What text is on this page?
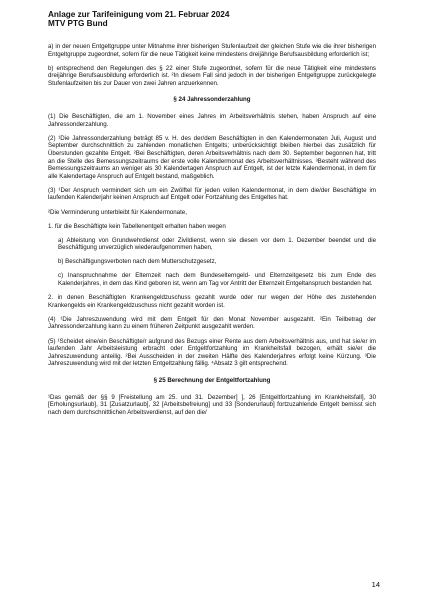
Anlage zur Tarifeinigung vom 21. Februar 2024
MTV PTG Bund

a) in der neuen Entgeltgruppe unter Mitnahme ihrer bisherigen Stufenlaufzeit der gleichen Stufe wie die ihrer bisherigen Entgeltgruppe zugeordnet, sofern für die neue Tätigkeit keine mindestens dreijährige Berufsausbildung erforderlich ist;

b) entsprechend den Regelungen des § 22 einer Stufe zugeordnet, sofern für die neue Tätigkeit eine mindestens dreijährige Berufsausbildung erforderlich ist. ²In diesem Fall sind jedoch in der bisherigen Entgeltgruppe zurückgelegte Stufenlaufzeiten bis zur Dauer von zwei Jahren anzuerkennen.

§ 24 Jahressonderzahlung

(1) Die Beschäftigten, die am 1. November eines Jahres im Arbeitsverhältnis stehen, haben Anspruch auf eine Jahressonderzahlung.

(2) ¹Die Jahressonderzahlung beträgt 85 v. H. des der/dem Beschäftigten in den Kalendermonaten Juli, August und September durchschnittlich zu zahlenden monatlichen Entgelts; unberücksichtigt bleiben hierbei das zusätzlich für Überstunden gezahlte Entgelt. ²Bei Beschäftigten, deren Arbeitsverhältnis nach dem 30. September begonnen hat, tritt an die Stelle des Bemessungszeitraums der erste volle Kalendermonat des Arbeitsverhältnisses. ³Besteht während des Bemessungszeitraums an weniger als 30 Kalendertagen Anspruch auf Entgelt, ist der letzte Kalendermonat, in dem für alle Kalendertage Anspruch auf Entgelt bestand, maßgeblich.

(3) ¹Der Anspruch vermindert sich um ein Zwölftel für jeden vollen Kalendermonat, in dem die/der Beschäftigte im laufenden Kalenderjahr keinen Anspruch auf Entgelt oder Fortzahlung des Entgeltes hat.

²Die Verminderung unterbleibt für Kalendermonate,

1. für die Beschäftigte kein Tabellenentgelt erhalten haben wegen

a) Ableistung von Grundwehrdienst oder Zivildienst, wenn sie diesen vor dem 1. Dezember beendet und die Beschäftigung unverzüglich wiederaufgenommen haben,

b) Beschäftigungsverboten nach dem Mutterschutzgesetz,

c) Inanspruchnahme der Elternzeit nach dem Bundeselterngeld- und Elternzeitgesetz bis zum Ende des Kalenderjahres, in dem das Kind geboren ist, wenn am Tag vor Antritt der Elternzeit Entgeltanspruch bestanden hat.

2. in denen Beschäftigten Krankengeldzuschuss gezahlt wurde oder nur wegen der Höhe des zustehenden Krankengelds ein Krankengeldzuschuss nicht gezahlt worden ist.

(4) ¹Die Jahreszuwendung wird mit dem Entgelt für den Monat November ausgezahlt. ²Ein Teilbetrag der Jahressonderzahlung kann zu einem früheren Zeitpunkt ausgezahlt werden.

(5) ¹Scheidet eine/ein Beschäftigte/r aufgrund des Bezugs einer Rente aus dem Arbeitsverhältnis aus, und hat sie/er im laufenden Jahr Arbeitsleistung erbracht oder Entgeltfortzahlung im Krankheitsfall bezogen, erhält sie/er die Jahreszuwendung anteilig. ²Bei Ausscheiden in der zweiten Hälfte des Kalenderjahres erfolgt keine Kürzung. ³Die Jahreszuwendung wird mit der letzten Entgeltzahlung fällig. ⁴Absatz 3 gilt entsprechend.

§ 25 Berechnung der Entgeltfortzahlung

¹Das gemäß der §§ 9 [Freistellung am 25. und 31. Dezember] ], 26 [Entgeltfortzahlung im Krankheitsfall], 30 [Erholungsurlaub], 31 [Zusatzurlaub], 32 [Arbeitsbefreiung] und 33 [Sonderurlaub] fortzuzahlende Entgelt bemisst sich nach dem durchschnittlichen Arbeitsverdienst, auf den die/

14
